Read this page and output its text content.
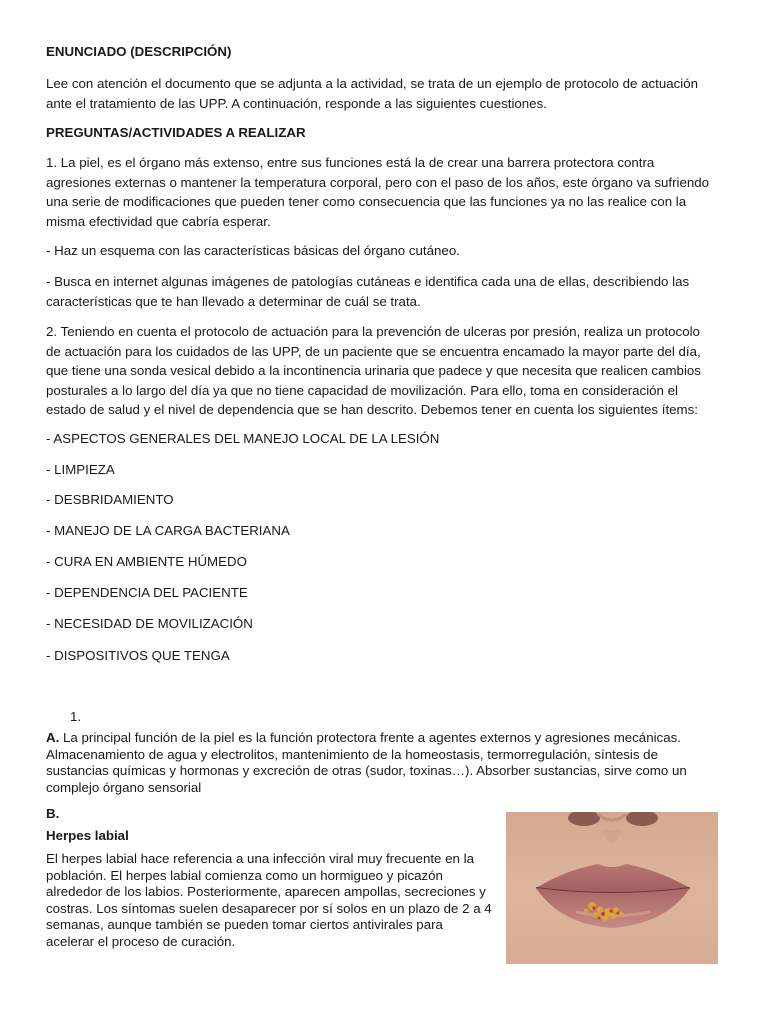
ENUNCIADO (DESCRIPCIÓN)

Lee con atención el documento que se adjunta a la actividad, se trata de un ejemplo de protocolo de actuación ante el tratamiento de las UPP. A continuación, responde a las siguientes cuestiones.

PREGUNTAS/ACTIVIDADES A REALIZAR

1. La piel, es el órgano más extenso, entre sus funciones está la de crear una barrera protectora contra agresiones externas o mantener la temperatura corporal, pero con el paso de los años, este órgano va sufriendo una serie de modificaciones que pueden tener como consecuencia que las funciones ya no las realice con la misma efectividad que cabría esperar.

- Haz un esquema con las características básicas del órgano cutáneo.

- Busca en internet algunas imágenes de patologías cutáneas e identifica cada una de ellas, describiendo las características que te han llevado a determinar de cuál se trata.

2. Teniendo en cuenta el protocolo de actuación para la prevención de ulceras por presión, realiza un protocolo de actuación para los cuidados de las UPP, de un paciente que se encuentra encamado la mayor parte del día, que tiene una sonda vesical debido a la incontinencia urinaria que padece y que necesita que realicen cambios posturales a lo largo del día ya que no tiene capacidad de movilización. Para ello, toma en consideración el estado de salud y el nivel de dependencia que se han descrito. Debemos tener en cuenta los siguientes ítems:

- ASPECTOS GENERALES DEL MANEJO LOCAL DE LA LESIÓN

- LIMPIEZA

- DESBRIDAMIENTO

- MANEJO DE LA CARGA BACTERIANA

- CURA EN AMBIENTE HÚMEDO

- DEPENDENCIA DEL PACIENTE

- NECESIDAD DE MOVILIZACIÓN

- DISPOSITIVOS QUE TENGA

1.

A. La principal función de la piel es la función protectora frente a agentes externos y agresiones mecánicas. Almacenamiento de agua y electrolitos, mantenimiento de la homeostasis, termorregulación, síntesis de sustancias químicas y hormonas y excreción de otras (sudor, toxinas…). Absorber sustancias, sirve como un complejo órgano sensorial

B.

Herpes labial

El herpes labial hace referencia a una infección viral muy frecuente en la población. El herpes labial comienza como un hormigueo y picazón alrededor de los labios. Posteriormente, aparecen ampollas, secreciones y costras. Los síntomas suelen desaparecer por sí solos en un plazo de 2 a 4 semanas, aunque también se pueden tomar ciertos antivirales para acelerar el proceso de curación.
